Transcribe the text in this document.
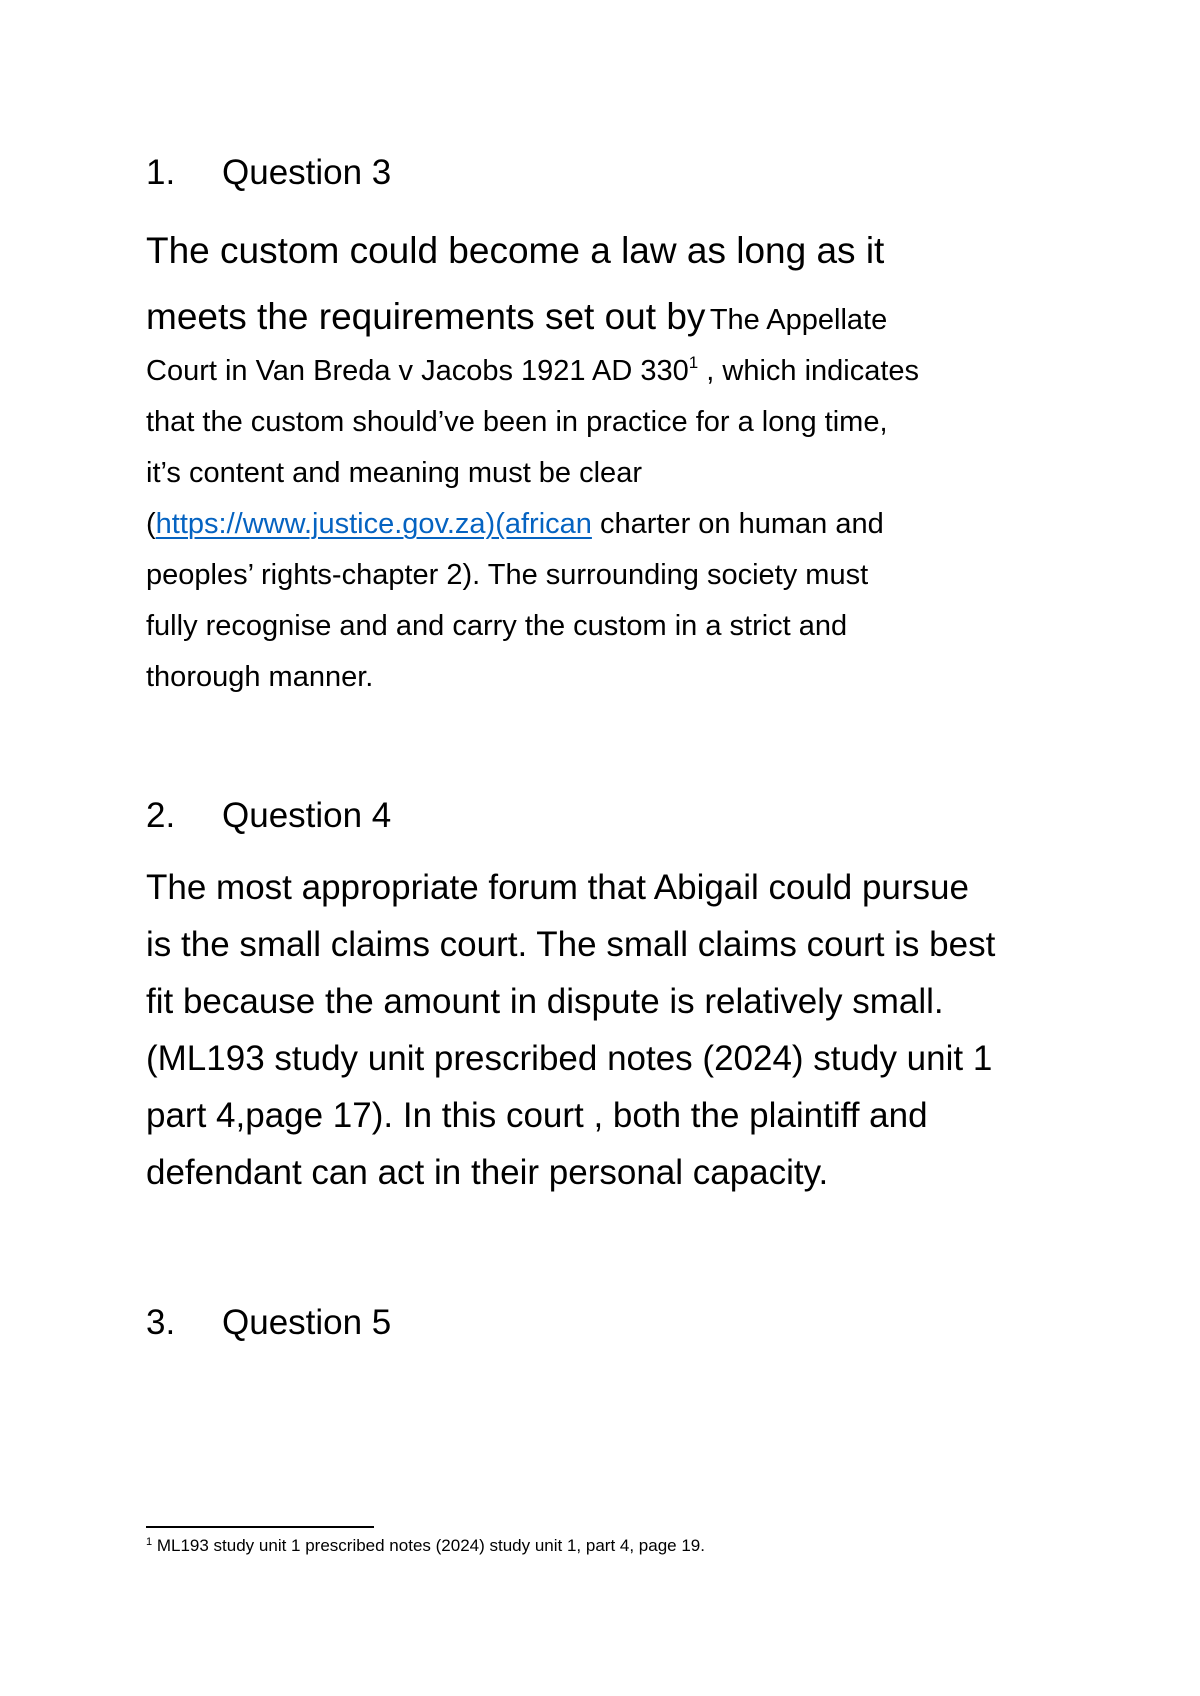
1. Question 3
The custom could become a law as long as it
meets the requirements set out by The Appellate
Court in Van Breda v Jacobs 1921 AD 330$^1$ , which indicates
that the custom should’ve been in practice for a long time,
it’s content and meaning must be clear
(https://www.justice.gov.za)(african charter on human and
peoples’ rights-chapter 2). The surrounding society must
fully recognise and and carry the custom in a strict and
thorough manner.
2. Question 4
The most appropriate forum that Abigail could pursue
is the small claims court. The small claims court is best
fit because the amount in dispute is relatively small.
(ML193 study unit prescribed notes (2024) study unit 1
part 4,page 17). In this court , both the plaintiff and
defendant can act in their personal capacity.
3. Question 5
$^1$ ML193 study unit 1 prescribed notes (2024) study unit 1, part 4, page 19.
